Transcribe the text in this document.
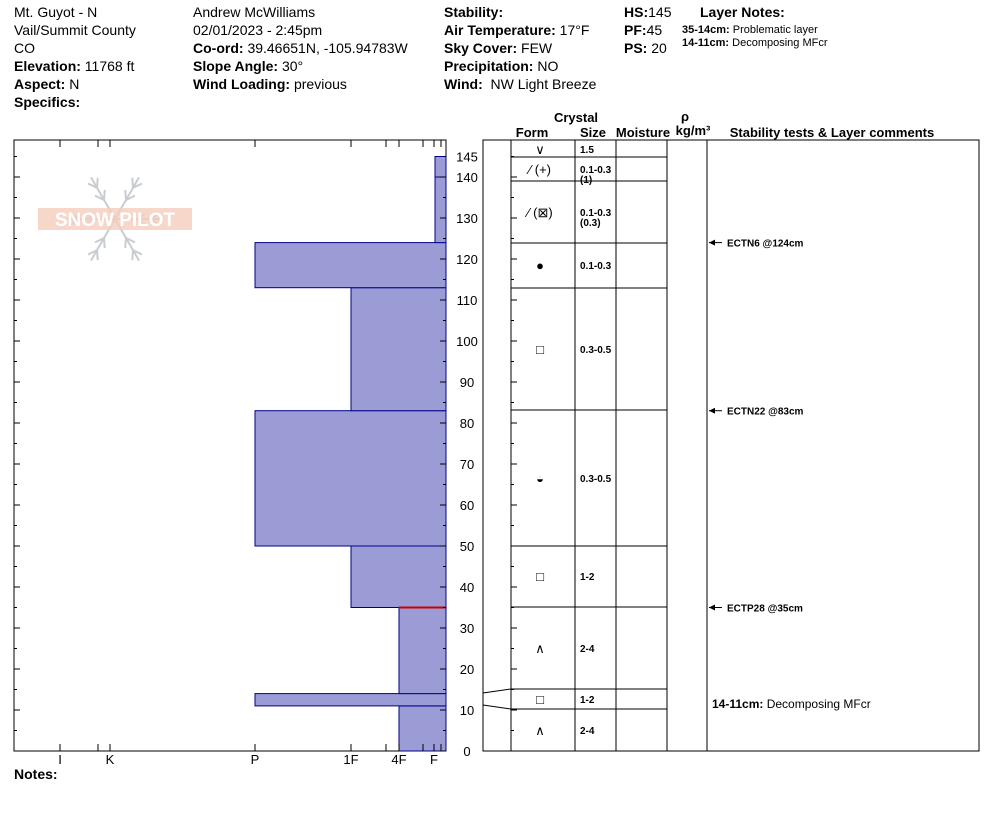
Mt. Guyot - N
Vail/Summit County
CO
Elevation: 11768 ft
Aspect: N
Specifics:
Andrew McWilliams
02/01/2023 - 2:45pm
Co-ord: 39.46651N, -105.94783W
Slope Angle: 30°
Wind Loading: previous
Stability:
Air Temperature: 17°F
Sky Cover: FEW
Precipitation: NO
Wind: NW Light Breeze
HS:145
PF:45
PS: 20
Layer Notes:
35-14cm: Problematic layer
14-11cm: Decomposing MFcr
Notes:
SNOW PILOT
I	K	P	1F	4F F
0
10
20
30
40
50
60
70
80
90
100
110
120
130
140
145
Crystal
Form Size Moisture
ρ
kg/m³ Stability tests & Layer comments
∨	1.5
⁄ (+)	0.1-0.3
(1)
⁄ (⊠)	0.1-0.3
(0.3)
●	0.1-0.3
□	0.3-0.5
◒	0.3-0.5
□	1-2
∧	2-4
□	1-2
∧	2-4
ECTN6 @124cm
ECTN22 @83cm
ECTP28 @35cm
14-11cm: Decomposing MFcr
